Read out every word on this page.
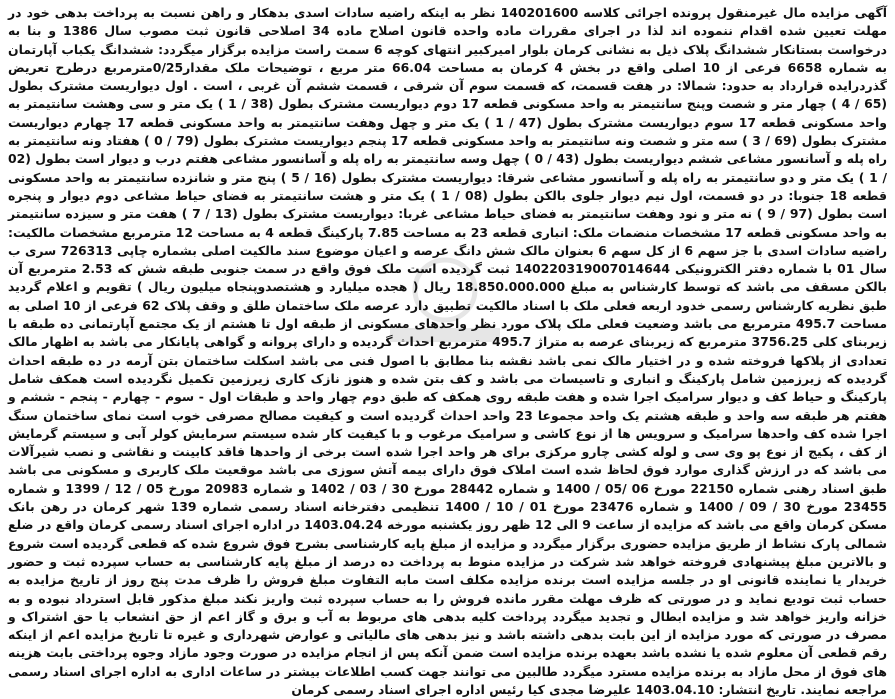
آگهی مزایده مال غیرمنقول پرونده اجرائی کلاسه 140201600 نظر به اینکه راضیه سادات اسدی بدهکار و راهن نسبت به پرداخت بدهی خود در مهلت تعیین شده اقدام ننموده اند لذا در اجرای مقررات ماده واحده قانون اصلاح ماده 34 اصلاحی قانون ثبت مصوب سال 1386 و بنا به درخواست بستانکار ششدانگ پلاک ذیل به نشانی کرمان بلوار امیرکبیر انتهای کوچه 6 سمت راست مزایده برگزار میگردد: ششدانگ یکباب آپارتمان به شماره 6658 فرعی از 10 اصلی واقع در بخش 4 کرمان به مساحت 66.04 متر مربع ، توضیحات ملک مقدار0/25مترمربع درطرح تعریض گذردرایده قرارداد به حدود: شمالا: در هفت قسمت، که قسمت سوم آن شرقی ، قسمت ششم آن غربی ، است . اول دیواریست مشترک بطول (65 / 4 ) چهار متر و شصت وپنج سانتیمتر به واحد مسکونی قطعه 17 دوم دیواریست مشترک بطول (38 / 1 ) یک متر و سی وهشت سانتیمتر به واحد مسکونی قطعه 17 سوم دیواریست مشترک بطول (47 / 1 ) یک متر و چهل وهفت سانتیمتر به واحد مسکونی قطعه 17 چهارم دیواریست مشترک بطول (69 / 3 ) سه متر و شصت ونه سانتیمتر به واحد مسکونی قطعه 17 پنجم دیواریست مشترک بطول (79 / 0 ) هفتاد ونه سانتیمتر به راه پله و آسانسور مشاعی ششم دیواریست بطول (43 / 0 ) چهل وسه سانتیمتر به راه پله و آسانسور مشاعی هفتم درب و دیوار است بطول (02 / 1 ) یک متر و دو سانتیمتر به راه پله و آسانسور مشاعی شرقا: دیواریست مشترک بطول (16 / 5 ) پنج متر و شانزده سانتیمتر به واحد مسکونی قطعه 18 جنوبا: در دو قسمت، اول نیم دیوار جلوی بالکن بطول (08 / 1 ) یک متر و هشت سانتیمتر به فضای حیاط مشاعی دوم دیوار و پنجره است بطول (97 / 9 ) نه متر و نود وهفت سانتیمتر به فضای حیاط مشاعی غربا: دیواریست مشترک بطول (13 / 7 ) هفت متر و سیزده سانتیمتر به واحد مسکونی قطعه 17 مشخصات منضمات ملک: انباری قطعه 23 به مساحت 7.85 پارکینگ قطعه 4 به مساحت 12 مترمربع مشخصات مالکیت: راضیه سادات اسدی با جز سهم 6 از کل سهم 6 بعنوان مالک شش دانگ عرصه و اعیان موضوع سند مالکیت اصلی بشماره چاپی 726313 سری ب سال 01 با شماره دفتر الکترونیکی 140220319007014644 ثبت گردیده است ملک فوق واقع در سمت جنوبی طبقه شش که 2.53 مترمربع آن بالکن مسقف می باشد که توسط کارشناس به مبلغ 18.850.000.000 ریال ( هجده میلیارد و هشتصدوپنجاه میلیون ریال ) تقویم و اعلام گردید طبق نظریه کارشناس رسمی خدود اربعه فعلی ملک با اسناد مالکیت تطبیق دارد عرصه ملک ساختمان طلق و وقف پلاک 62 فرعی از 10 اصلی به مساحت 495.7 مترمربع می باشد وضعیت فعلی ملک پلاک مورد نظر واحدهای مسکونی از طبقه اول تا هشتم از یک مجتمع آپارتمانی ده طبقه با زیربنای کلی 3756.25 مترمربع که زیربنای عرصه به متراژ 495.7 مترمربع احداث گردیده و دارای پروانه و گواهی پایانکار می باشد به اظهار مالک تعدادی از پلاکها فروخته شده و در اختیار مالک نمی باشد نقشه بنا مطابق با اصول فنی می باشد اسکلت ساختمان بتن آرمه در ده طبقه احداث گردیده که زیرزمین شامل پارکینگ و انباری و تاسیسات می باشد و کف بتن شده و هنوز نازک کاری زیرزمین تکمیل نگردیده است همکف شامل پارکینگ و حیاط کف و دیوار سرامیک اجرا شده و هفت طبقه روی همکف که طبق دوم چهار واحد و طبقات اول - سوم - چهارم - پنجم - ششم و هفتم هر طبقه سه واحد و طبقه هشتم یک واحد مجموعا 23 واحد احداث گردیده است و کیفیت مصالح مصرفی خوب است نمای ساختمان سنگ اجرا شده کف واحدها سرامیک و سرویس ها از نوع کاشی و سرامیک مرغوب و با کیفیت کار شده سیستم سرمایش کولر آبی و سیستم گرمایش از کف ، پکیج از نوع پو وی سی و لوله کشی چارو مرکزی برای هر واحد اجرا شده است برخی از واحدها فاقد کابینت و نقاشی و نصب شیرآلات می باشد که در ارزش گذاری موارد فوق لحاظ شده است املاک فوق دارای بیمه آتش سوزی می باشد موقعیت ملک کاربری و مسکونی می باشد طبق اسناد رهنی شماره 22150 مورخ 06 /05 / 1400 و شماره 28442 مورخ 30 / 03 / 1402 و شماره 20983 مورخ 05 / 12 / 1399 و شماره 23455 مورخ 30 / 09 / 1400 و شماره 23476 مورخ 01 / 10 / 1400 تنظیمی دفترخانه اسناد رسمی شماره 139 شهر کرمان در رهن بانک مسکن کرمان واقع می باشد که مزایده از ساعت 9 الی 12 ظهر روز یکشنبه مورخه 1403.04.24 در اداره اجرای اسناد رسمی کرمان واقع در ضلع شمالی پارک نشاط از طریق مزایده حضوری برگزار میگردد و مزایده از مبلغ پایه کارشناسی بشرح فوق شروع شده که قطعی گردیده است شروع و بالاترین مبلغ پیشنهادی فروخته خواهد شد شرکت در مزایده منوط به پرداخت ده درصد از مبلغ پایه کارشناسی به حساب سپرده ثبت و حضور خریدار یا نماینده قانونی او در جلسه مزایده است برنده مزایده مکلف است مابه التفاوت مبلغ فروش را ظرف مدت پنج روز از تاریخ مزایده به حساب ثبت تودیع نماید و در صورتی که ظرف مهلت مقرر مانده فروش را به حساب سپرده ثبت واریز نکند مبلغ مذکور قابل استرداد نبوده و به خزانه واریز خواهد شد و مزایده ابطال و تجدید میگردد پرداخت کلیه بدهی های مربوط به آب و برق و گاز اعم از حق انشعاب یا حق اشتراک و مصرف در صورتی که مورد مزایده از این بابت بدهی داشته باشد و نیز بدهی های مالیاتی و عوارض شهرداری و غیره تا تاریخ مزایده اعم از اینکه رقم قطعی آن معلوم شده یا نشده باشد بعهده برنده مزایده است ضمن آنکه پس از انجام مزایده در صورت وجود مازاد وجوه پرداختی بابت هزینه های فوق از محل مازاد به برنده مزایده مسترد میگردد طالبین می توانند جهت کسب اطلاعات بیشتر در ساعات اداری به اداره اجرای اسناد رسمی مراجعه نمایند. تاریخ انتشار: 1403.04.10 علیرضا مجدی کیا رئیس اداره اجرای اسناد رسمی کرمان
